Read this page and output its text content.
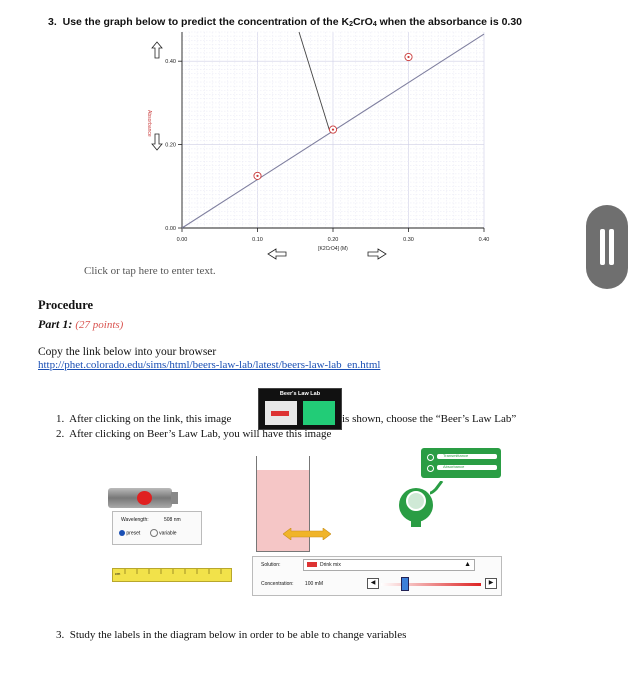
3. Use the graph below to predict the concentration of the K2CrO4 when the absorbance is 0.30
0.00	0.10	0.20	0.30	0.40
0.00
0.20
0.40
Absorbance
[K2CrO4] (M)
Click or tap here to enter text.
Procedure
Part 1: (27 points)
Copy the link below into your browser
http://phet.colorado.edu/sims/html/beers-law-lab/latest/beers-law-lab_en.html
Beer's Law Lab
1. After clicking on the link, this image	is shown, choose the “Beer’s Law Lab”
2. After clicking on Beer’s Law Lab, you will have this image
Wavelength:	508 nm
preset	variable
Transmittance
Absorbance
cm
Solution:	Drink mix	▲
Concentration: 100 mM	◀	▶
3. Study the labels in the diagram below in order to be able to change variables
